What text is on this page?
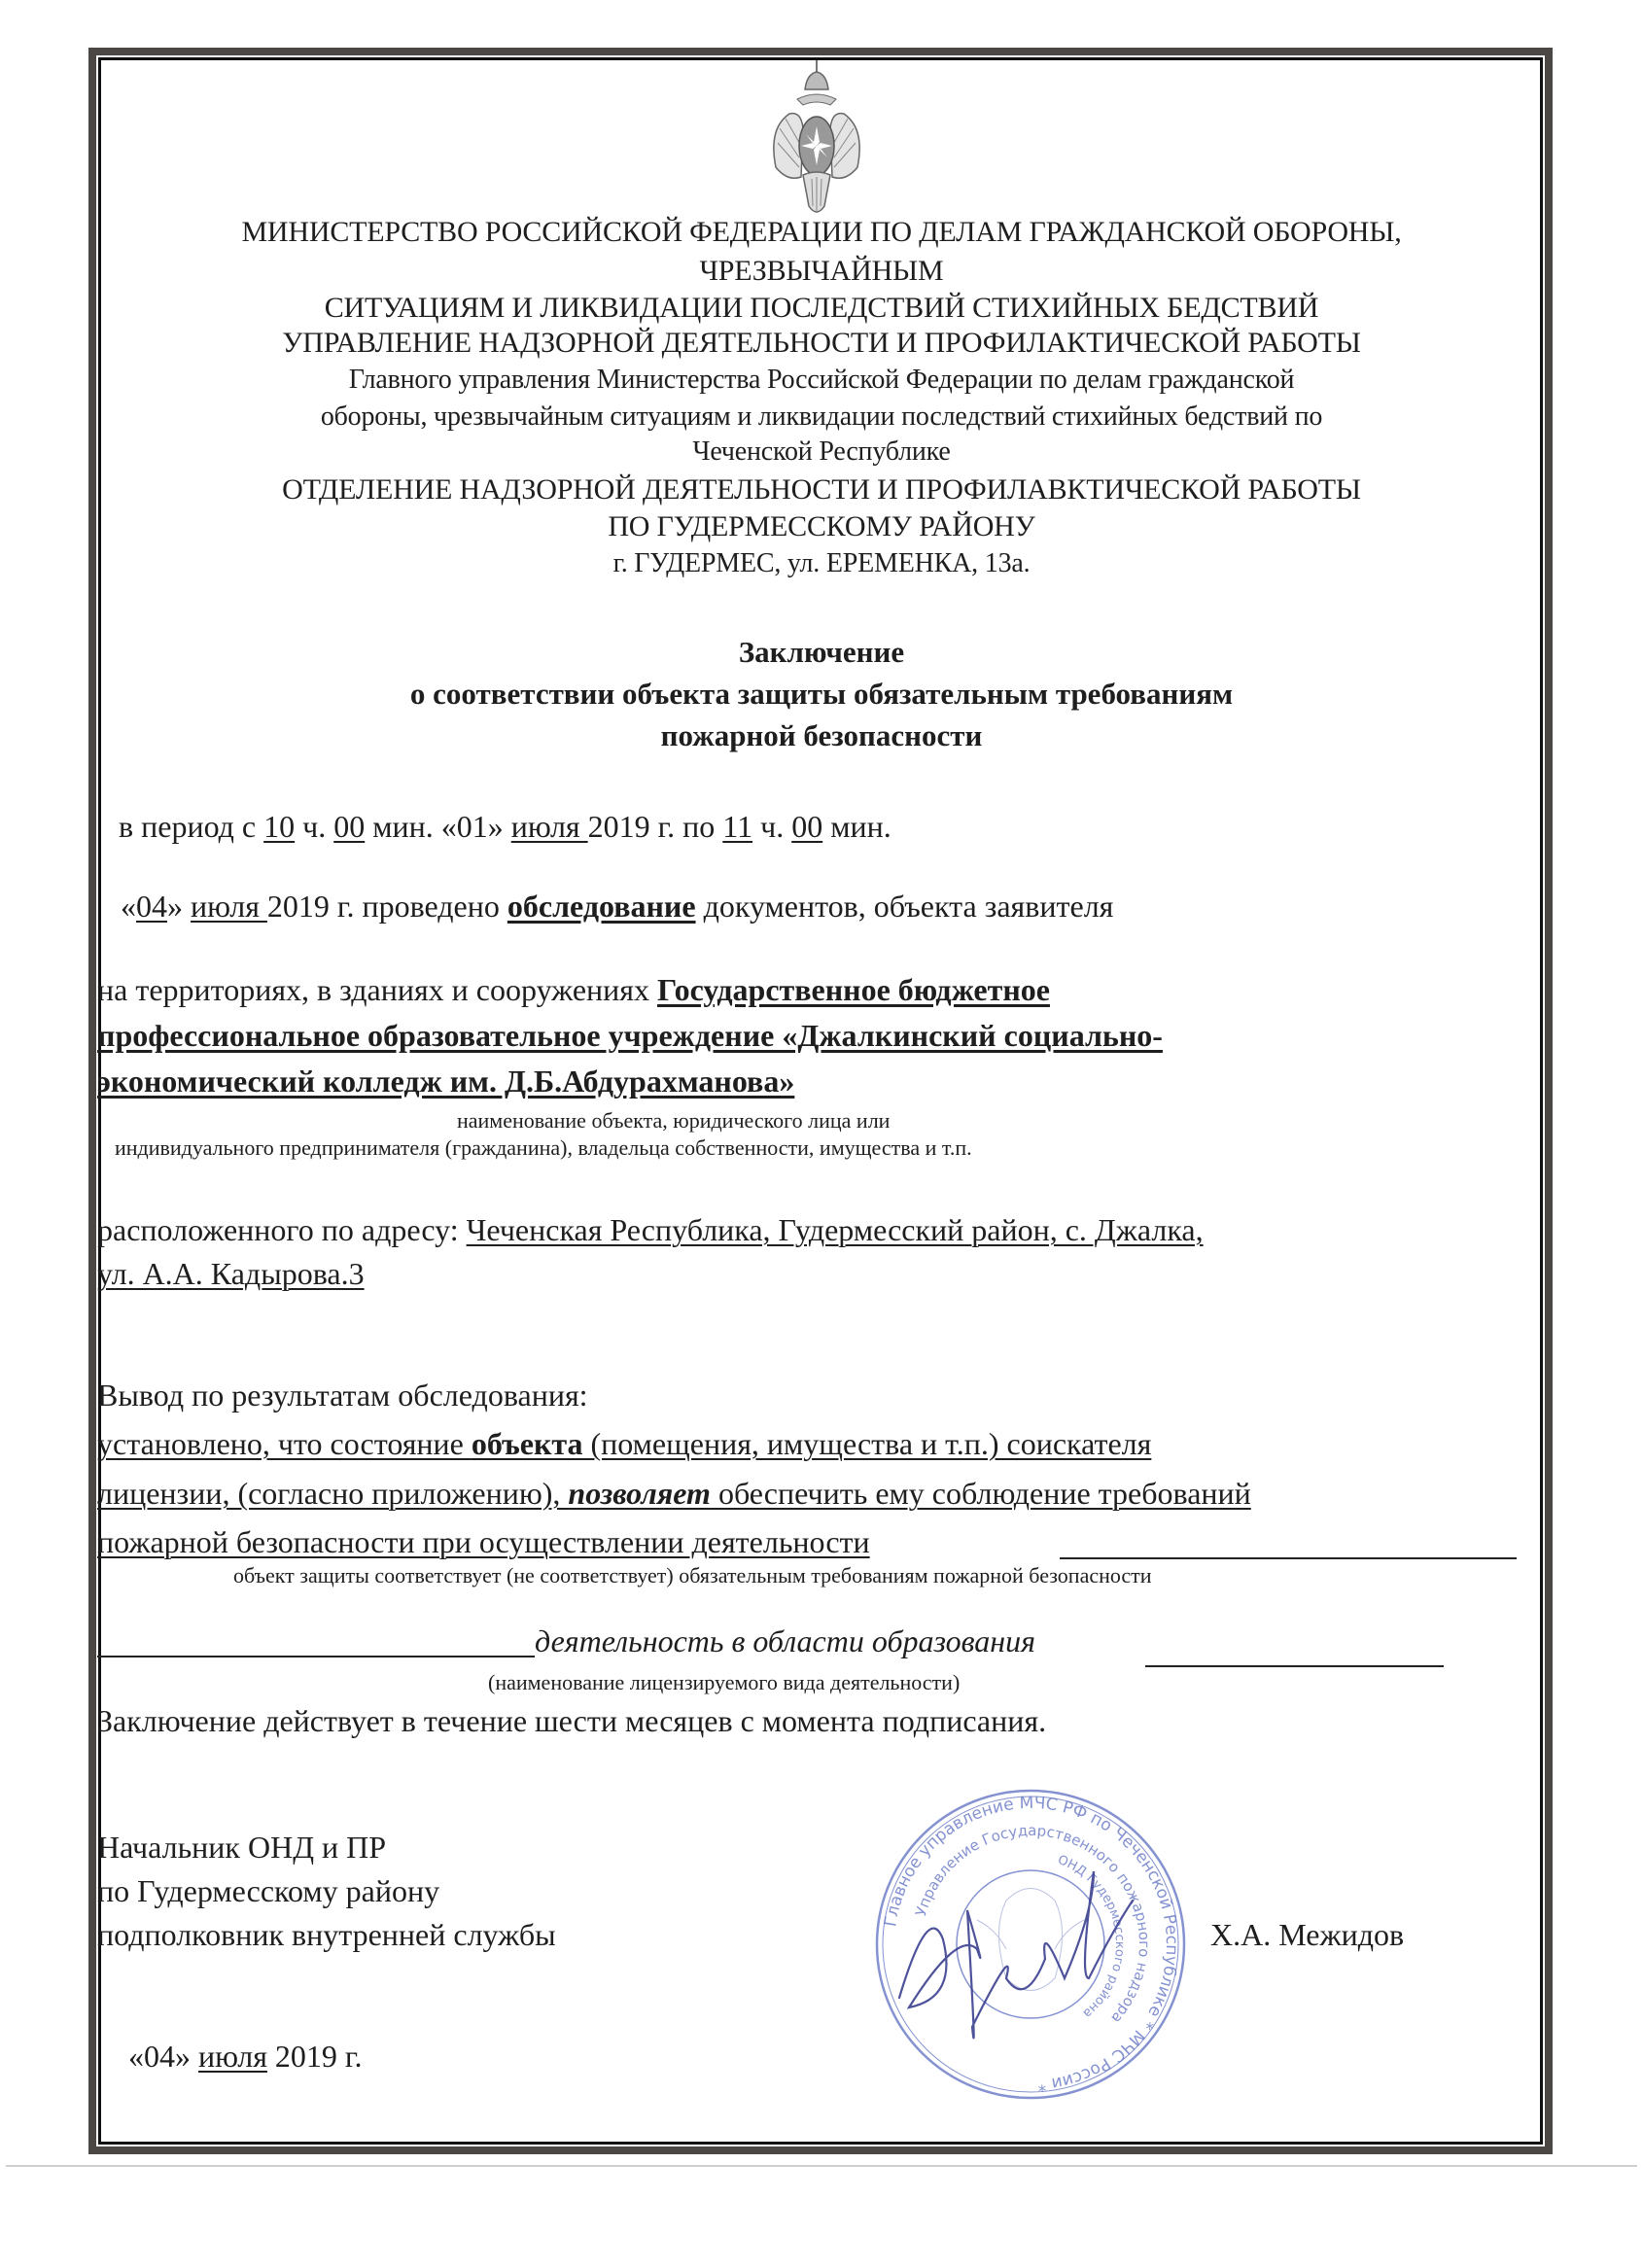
МИНИСТЕРСТВО РОССИЙСКОЙ ФЕДЕРАЦИИ ПО ДЕЛАМ ГРАЖДАНСКОЙ ОБОРОНЫ,
ЧРЕЗВЫЧАЙНЫМ
СИТУАЦИЯМ И ЛИКВИДАЦИИ ПОСЛЕДСТВИЙ СТИХИЙНЫХ БЕДСТВИЙ
УПРАВЛЕНИЕ НАДЗОРНОЙ ДЕЯТЕЛЬНОСТИ И ПРОФИЛАКТИЧЕСКОЙ РАБОТЫ
Главного управления Министерства Российской Федерации по делам гражданской
обороны, чрезвычайным ситуациям и ликвидации последствий стихийных бедствий по
Чеченской Республике
ОТДЕЛЕНИЕ НАДЗОРНОЙ ДЕЯТЕЛЬНОСТИ И ПРОФИЛАВКТИЧЕСКОЙ РАБОТЫ
ПО ГУДЕРМЕССКОМУ РАЙОНУ
г. ГУДЕРМЕС, ул. ЕРЕМЕНКА, 13а.
Заключение
о соответствии объекта защиты обязательным требованиям
пожарной безопасности
в период с 10 ч. 00 мин. «01» июля 2019 г. по 11 ч. 00 мин.
«04» июля 2019 г. проведено обследование документов, объекта заявителя
на территориях, в зданиях и сооружениях Государственное бюджетное
профессиональное образовательное учреждение «Джалкинский социально-
экономический колледж им. Д.Б.Абдурахманова»
наименование объекта, юридического лица или
индивидуального предпринимателя (гражданина), владельца собственности, имущества и т.п.
расположенного по адресу: Чеченская Республика, Гудермесский район, с. Джалка,
ул. А.А. Кадырова.3
Вывод по результатам обследования:
установлено, что состояние объекта (помещения, имущества и т.п.) соискателя
лицензии, (согласно приложению), позволяет обеспечить ему соблюдение требований
пожарной безопасности при осуществлении деятельности
объект защиты соответствует (не соответствует) обязательным требованиям пожарной безопасности
деятельность в области образования
(наименование лицензируемого вида деятельности)
Заключение действует в течение шести месяцев с момента подписания.
Начальник ОНД и ПР
по Гудермесскому району
подполковник внутренней службы	Х.А. Межидов
«04» июля 2019 г.
Главное управление МЧС РФ по Чеченской Республике * МЧС России *
Управление Государственного пожарного надзора
ОНД Гудермесского района
